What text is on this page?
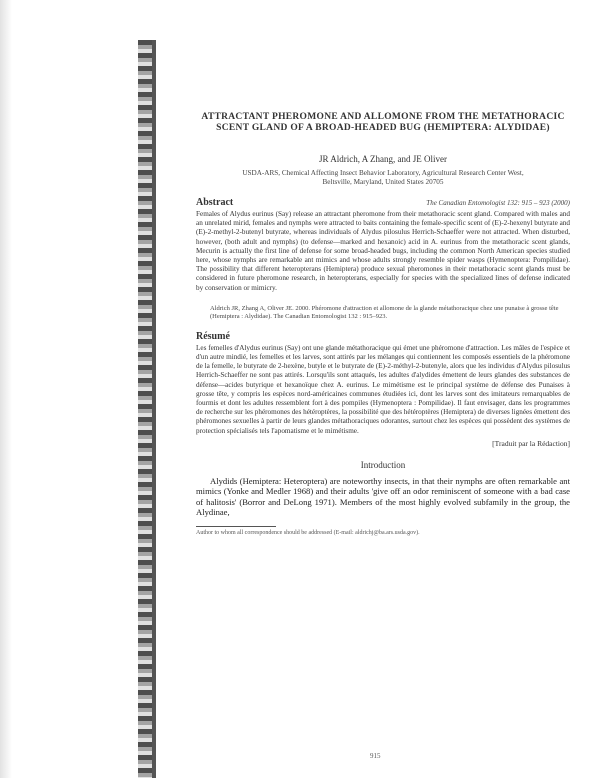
ATTRACTANT PHEROMONE AND ALLOMONE FROM THE METATHORACIC SCENT GLAND OF A BROAD-HEADED BUG (HEMIPTERA: ALYDIDAE)

JR Aldrich, A Zhang, and JE Oliver
USDA-ARS, Chemical Affecting Insect Behavior Laboratory, Agricultural Research Center West, Beltsville, Maryland, United States 20705
Abstract	The Canadian Entomologist 132: 915 – 923 (2000)

Females of Alydus eurinus (Say) release an attractant pheromone from their metathoracic scent gland. Compared with males and an unrelated mirid, females and nymphs were attracted to baits containing the female-specific scent of (E)-2-hexenyl butyrate and (E)-2-methyl-2-butenyl butyrate, whereas individuals of Alydus pilosulus Herrich-Schaeffer were not attracted. When disturbed, however, (both adult and nymphs) (to defense—marked and hexanoic) acid in A. eurinus from the metathoracic scent glands, Mecurin is actually the first line of defense for some broad-headed bugs, including the common North American species studied here, whose nymphs are remarkable ant mimics and whose adults strongly resemble spider wasps (Hymenoptera: Pompilidae). The possibility that different heteropterans (Hemiptera) produce sexual pheromones in their metathoracic scent glands must be considered in future pheromone research, in heteropterans, especially for species with the specialized lines of defense indicated by conservation or mimicry.

Aldrich JR, Zhang A, Oliver JE. 2000. Phéromone d'attraction et allomone de la glande métathoracique chez une punaise à grosse tête (Hemiptera : Alydidae). The Canadian Entomologist 132 : 915–923.

Résumé

Les femelles d'Alydus eurinus (Say) ont une glande métathoracique qui émet une phéromone d'attraction. Les mâles de l'espèce et d'un autre mindié, les femelles et les larves, sont attirés par les mélanges qui contiennent les composés essentiels de la phéromone de la femelle, le butyrate de 2-hexène, butyle et le butyrate de (E)-2-méthyl-2-butenyle, alors que les individus d'Alydus pilosulus Herrich-Schaeffer ne sont pas attirés. Lorsqu'ils sont attaqués, les adultes d'alydides émettent de leurs glandes des substances de défense—acides butyrique et hexanoïque chez A. eurinus. Le mimétisme est le principal système de défense des Punaises à grosse tête, y compris les espèces nord-américaines communes étudiées ici, dont les larves sont des imitateurs remarquables de fourmis et dont les adultes ressemblent fort à des pompiles (Hymenoptera : Pompilidae). Il faut envisager, dans les programmes de recherche sur les phéromones des hétéroptères, la possibilité que des hétéroptères (Hemiptera) de diverses lignées émettent des phéromones sexuelles à partir de leurs glandes métathoraciques odorantes, surtout chez les espèces qui possèdent des systèmes de protection spécialisés tels l'apomatisme et le mimétisme.

[Traduit par la Rédaction]
Introduction

Alydids (Hemiptera: Heteroptera) are noteworthy insects, in that their nymphs are often remarkable ant mimics (Yonke and Medler 1968) and their adults 'give off an odor reminiscent of someone with a bad case of halitosis' (Borror and DeLong 1971). Members of the most highly evolved subfamily in the group, the Alydinae,

Author to whom all correspondence should be addressed (E-mail: aldrichj@ba.ars.usda.gov).
915
